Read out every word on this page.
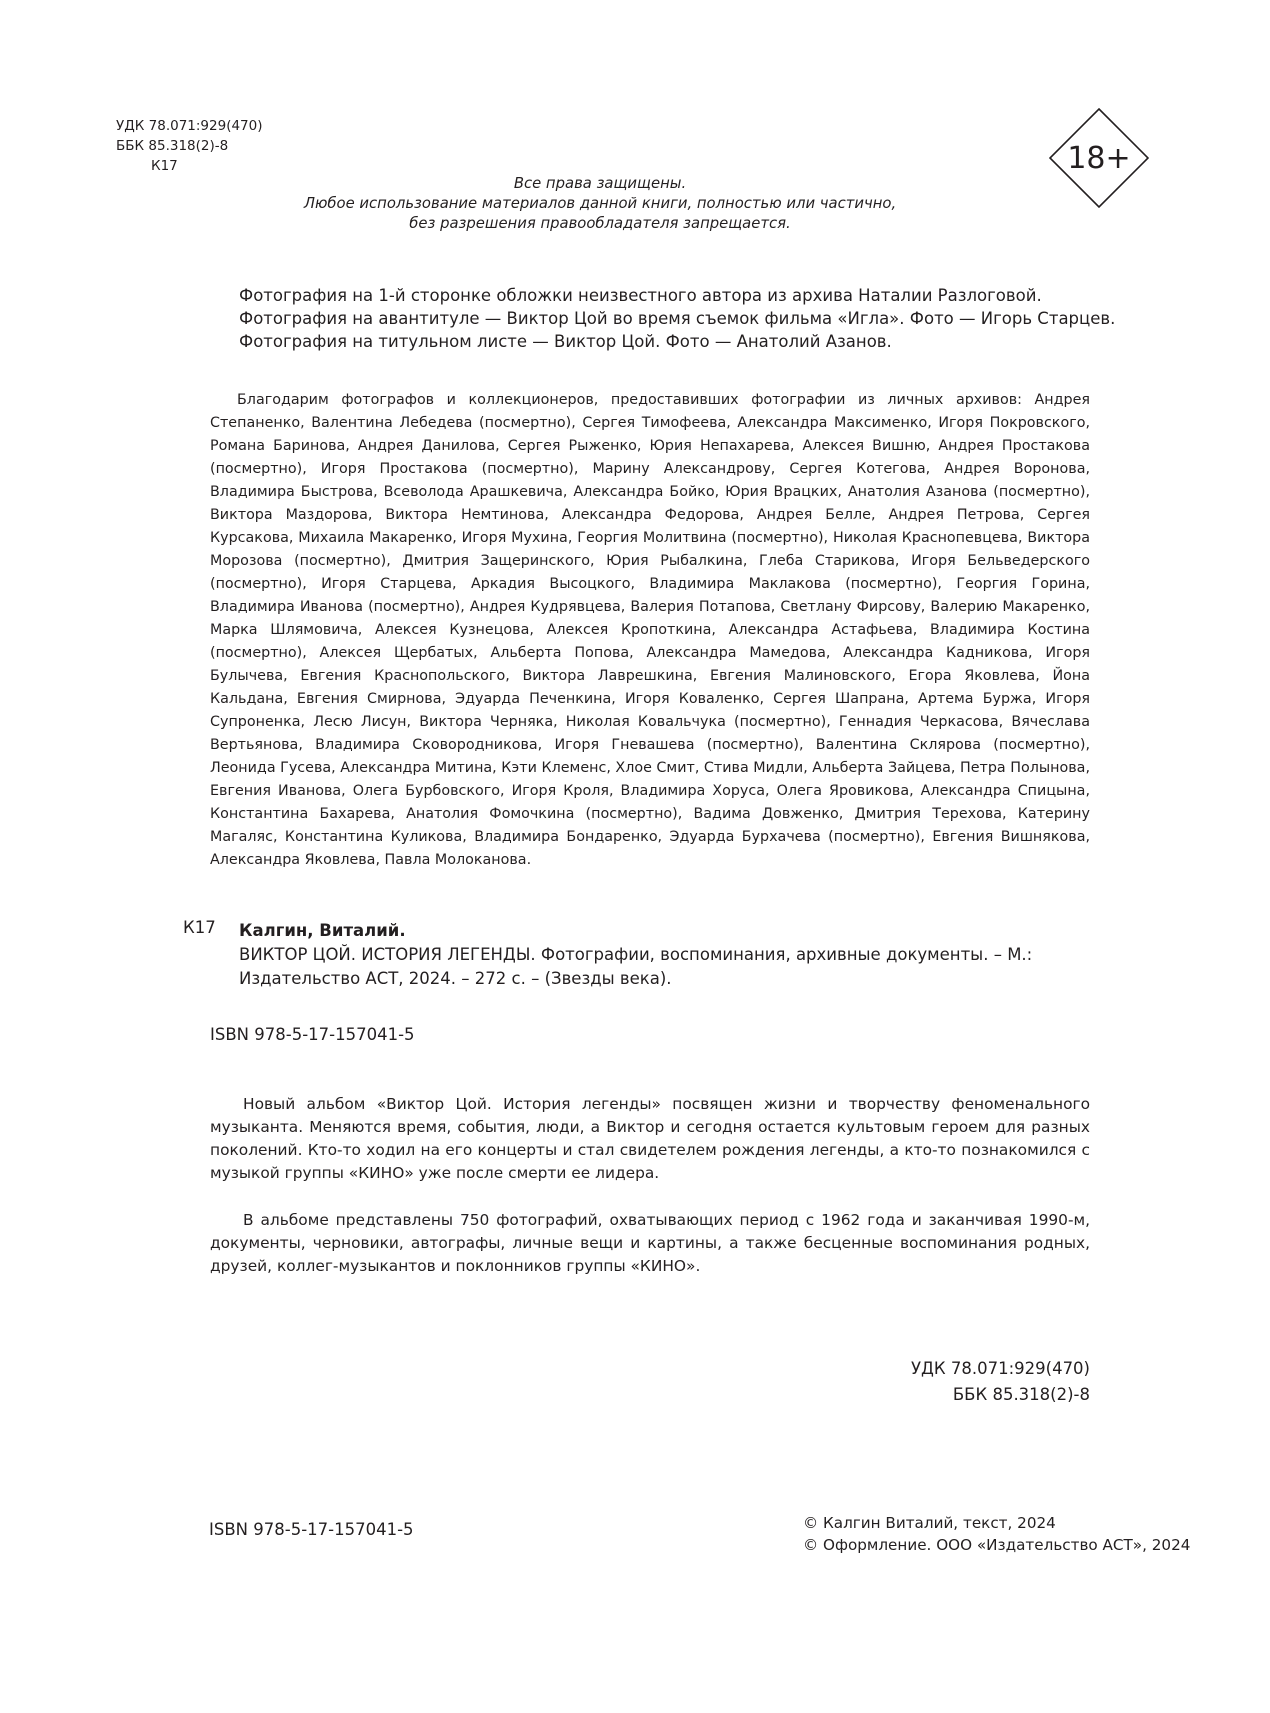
УДК 78.071:929(470)
ББК 85.318(2)-8
К17	18+
Все права защищены.
Любое использование материалов данной книги, полностью или частично,
без разрешения правообладателя запрещается.
Фотография на 1-й сторонке обложки неизвестного автора из архива Наталии Разлоговой.
Фотография на авантитуле — Виктор Цой во время съемок фильма «Игла». Фото — Игорь Старцев.
Фотография на титульном листе — Виктор Цой. Фото — Анатолий Азанов.
Благодарим фотографов и коллекционеров, предоставивших фотографии из личных архивов: Андрея Степаненко, Валентина Лебедева (посмертно), Сергея Тимофеева, Александра Максименко, Игоря Покровского, Романа Баринова, Андрея Данилова, Сергея Рыженко, Юрия Непахарева, Алексея Вишню, Андрея Простакова (посмертно), Игоря Простакова (посмертно), Марину Александрову, Сергея Котегова, Андрея Воронова, Владимира Быстрова, Всеволода Арашкевича, Александра Бойко, Юрия Врацких, Анатолия Азанова (посмертно), Виктора Маздорова, Виктора Немтинова, Александра Федорова, Андрея Белле, Андрея Петрова, Сергея Курсакова, Михаила Макаренко, Игоря Мухина, Георгия Молитвина (посмертно), Николая Краснопевцева, Виктора Морозова (посмертно), Дмитрия Защеринского, Юрия Рыбалкина, Глеба Старикова, Игоря Бельведерского (посмертно), Игоря Старцева, Аркадия Высоцкого, Владимира Маклакова (посмертно), Георгия Горина, Владимира Иванова (посмертно), Андрея Кудрявцева, Валерия Потапова, Светлану Фирсову, Валерию Макаренко, Марка Шлямовича, Алексея Кузнецова, Алексея Кропоткина, Александра Астафьева, Владимира Костина (посмертно), Алексея Щербатых, Альберта Попова, Александра Мамедова, Александра Кадникова, Игоря Булычева, Евгения Краснопольского, Виктора Лаврешкина, Евгения Малиновского, Егора Яковлева, Йона Кальдана, Евгения Смирнова, Эдуарда Печенкина, Игоря Коваленко, Сергея Шапрана, Артема Буржа, Игоря Супроненка, Лесю Лисун, Виктора Черняка, Николая Ковальчука (посмертно), Геннадия Черкасова, Вячеслава Вертьянова, Владимира Сковородникова, Игоря Гневашева (посмертно), Валентина Склярова (посмертно), Леонида Гусева, Александра Митина, Кэти Клеменс, Хлое Смит, Стива Мидли, Альберта Зайцева, Петра Полынова, Евгения Иванова, Олега Бурбовского, Игоря Кроля, Владимира Хоруса, Олега Яровикова, Александра Спицына, Константина Бахарева, Анатолия Фомочкина (посмертно), Вадима Довженко, Дмитрия Терехова, Катерину Магаляс, Константина Куликова, Владимира Бондаренко, Эдуарда Бурхачева (посмертно), Евгения Вишнякова, Александра Яковлева, Павла Молоканова.
К17 Калгин, Виталий.
ВИКТОР ЦОЙ. ИСТОРИЯ ЛЕГЕНДЫ. Фотографии, воспоминания, архивные документы. – М.:
Издательство АСТ, 2024. – 272 с. – (Звезды века).
ISBN 978-5-17-157041-5

Новый альбом «Виктор Цой. История легенды» посвящен жизни и творчеству феноменального музыканта. Меняются время, события, люди, а Виктор и сегодня остается культовым героем для разных поколений. Кто-то ходил на его концерты и стал свидетелем рождения легенды, а кто-то познакомился с музыкой группы «КИНО» уже после смерти ее лидера.

В альбоме представлены 750 фотографий, охватывающих период с 1962 года и заканчивая 1990-м, документы, черновики, автографы, личные вещи и картины, а также бесценные воспоминания родных, друзей, коллег-музыкантов и поклонников группы «КИНО».

УДК 78.071:929(470)
ББК 85.318(2)-8
ISBN 978-5-17-157041-5	© Калгин Виталий, текст, 2024
© Оформление. ООО «Издательство АСТ», 2024
